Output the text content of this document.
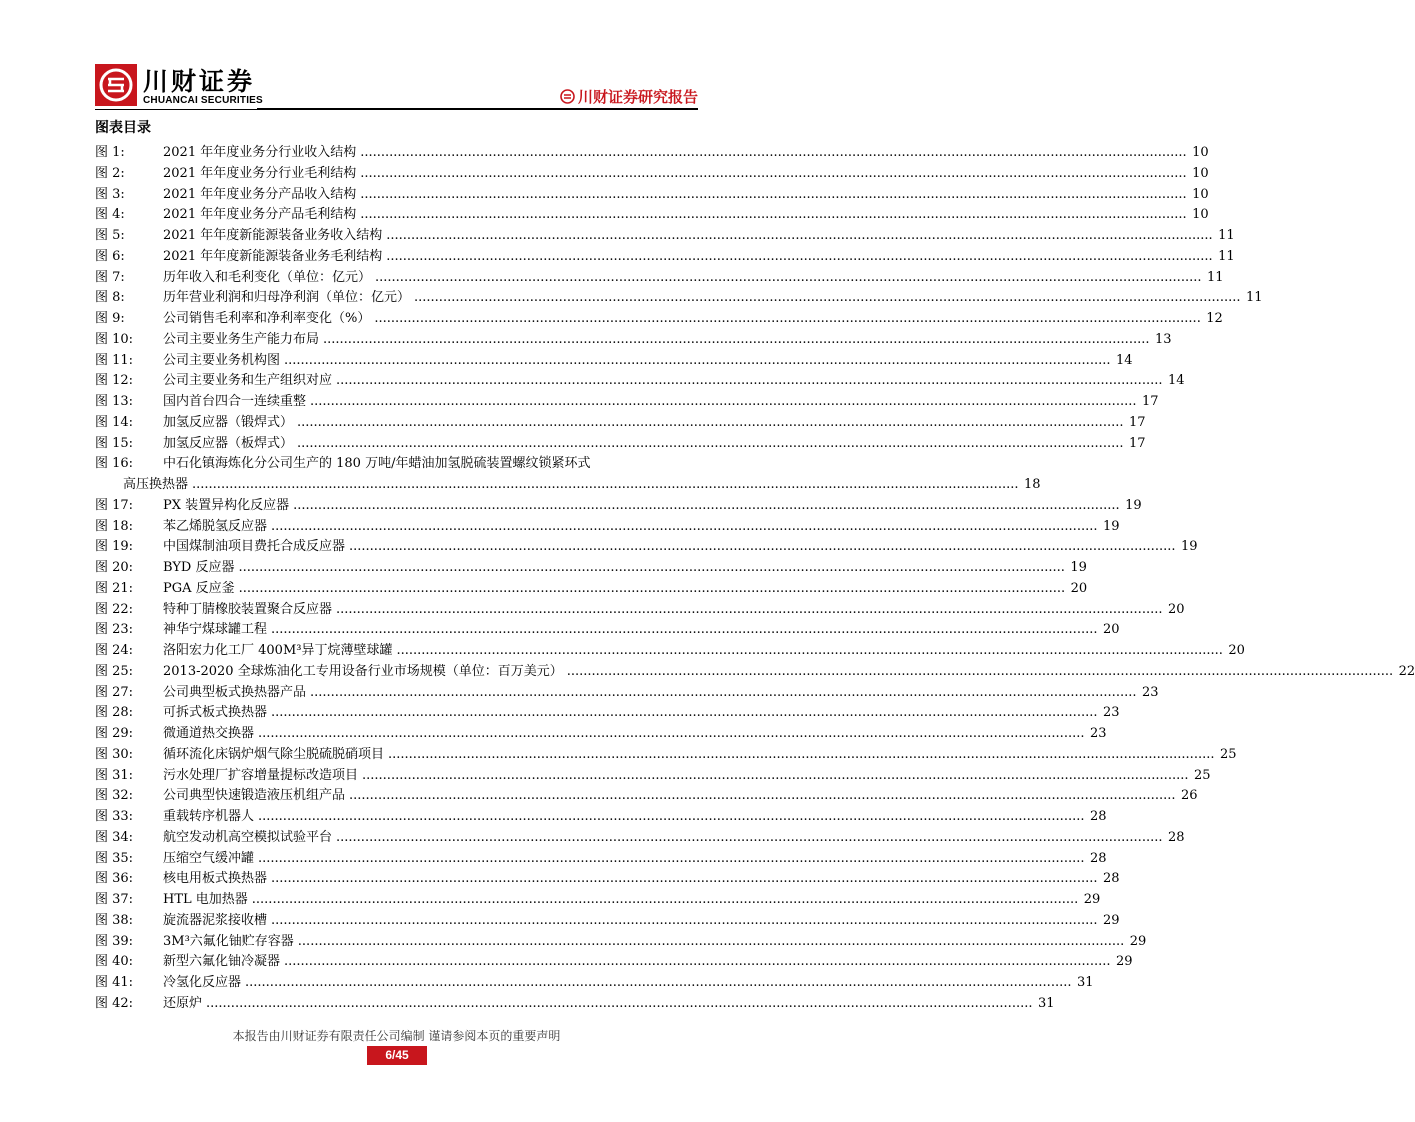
川财证券
CHUANCAI SECURITIES	川财证券研究报告
图表目录
图 1:	2021 年年度业务分行业收入结构 ........................................................................................................................................................................................................ 10
图 2:	2021 年年度业务分行业毛利结构 ........................................................................................................................................................................................................ 10
图 3:	2021 年年度业务分产品收入结构 ........................................................................................................................................................................................................ 10
图 4:	2021 年年度业务分产品毛利结构 ........................................................................................................................................................................................................ 10
图 5:	2021 年年度新能源装备业务收入结构 ........................................................................................................................................................................................................ 11
图 6:	2021 年年度新能源装备业务毛利结构 ........................................................................................................................................................................................................ 11
图 7:	历年收入和毛利变化（单位：亿元） ........................................................................................................................................................................................................ 11
图 8:	历年营业利润和归母净利润（单位：亿元） ........................................................................................................................................................................................................ 11
图 9:	公司销售毛利率和净利率变化（%） ........................................................................................................................................................................................................ 12
图 10:	公司主要业务生产能力布局 ........................................................................................................................................................................................................ 13
图 11:	公司主要业务机构图 ........................................................................................................................................................................................................ 14
图 12:	公司主要业务和生产组织对应 ........................................................................................................................................................................................................ 14
图 13:	国内首台四合一连续重整 ........................................................................................................................................................................................................ 17
图 14:	加氢反应器（锻焊式） ........................................................................................................................................................................................................ 17
图 15:	加氢反应器（板焊式） ........................................................................................................................................................................................................ 17
图 16:	中石化镇海炼化分公司生产的 180 万吨/年蜡油加氢脱硫装置螺纹锁紧环式
高压换热器 ........................................................................................................................................................................................................ 18
图 17:	PX 装置异构化反应器 ........................................................................................................................................................................................................ 19
图 18:	苯乙烯脱氢反应器 ........................................................................................................................................................................................................ 19
图 19:	中国煤制油项目费托合成反应器 ........................................................................................................................................................................................................ 19
图 20:	BYD 反应器 ........................................................................................................................................................................................................ 19
图 21:	PGA 反应釜 ........................................................................................................................................................................................................ 20
图 22:	特种丁腈橡胶装置聚合反应器 ........................................................................................................................................................................................................ 20
图 23:	神华宁煤球罐工程 ........................................................................................................................................................................................................ 20
图 24:	洛阳宏力化工厂 400M³异丁烷薄壁球罐 ........................................................................................................................................................................................................ 20
图 25:	2013-2020 全球炼油化工专用设备行业市场规模（单位：百万美元） ........................................................................................................................................................................................................ 22
图 27:	公司典型板式换热器产品 ........................................................................................................................................................................................................ 23
图 28:	可拆式板式换热器 ........................................................................................................................................................................................................ 23
图 29:	微通道热交换器 ........................................................................................................................................................................................................ 23
图 30:	循环流化床锅炉烟气除尘脱硫脱硝项目 ........................................................................................................................................................................................................ 25
图 31:	污水处理厂扩容增量提标改造项目 ........................................................................................................................................................................................................ 25
图 32:	公司典型快速锻造液压机组产品 ........................................................................................................................................................................................................ 26
图 33:	重载转序机器人 ........................................................................................................................................................................................................ 28
图 34:	航空发动机高空模拟试验平台 ........................................................................................................................................................................................................ 28
图 35:	压缩空气缓冲罐 ........................................................................................................................................................................................................ 28
图 36:	核电用板式换热器 ........................................................................................................................................................................................................ 28
图 37:	HTL 电加热器 ........................................................................................................................................................................................................ 29
图 38:	旋流器泥浆接收槽 ........................................................................................................................................................................................................ 29
图 39:	3M³六氟化铀贮存容器 ........................................................................................................................................................................................................ 29
图 40:	新型六氟化铀冷凝器 ........................................................................................................................................................................................................ 29
图 41:	冷氢化反应器 ........................................................................................................................................................................................................ 31
图 42:	还原炉 ........................................................................................................................................................................................................ 31
本报告由川财证券有限责任公司编制 谨请参阅本页的重要声明
6/45
